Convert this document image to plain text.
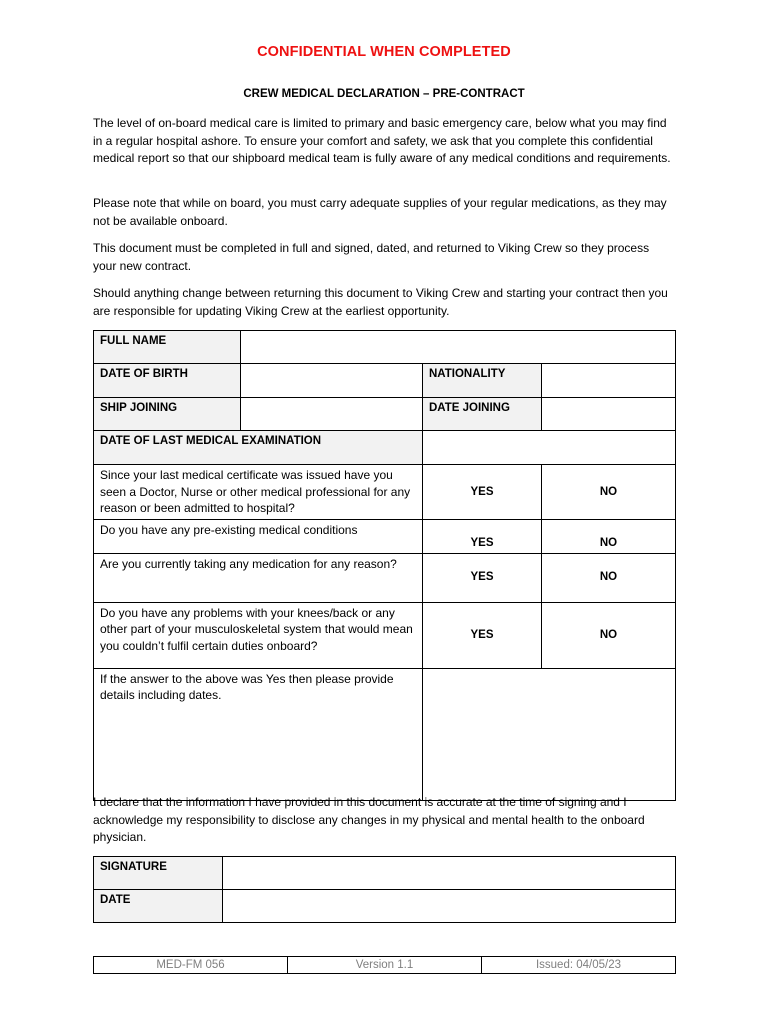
CONFIDENTIAL WHEN COMPLETED
CREW MEDICAL DECLARATION – PRE-CONTRACT

The level of on-board medical care is limited to primary and basic emergency care, below what you may find in a regular hospital ashore. To ensure your comfort and safety, we ask that you complete this confidential medical report so that our shipboard medical team is fully aware of any medical conditions and requirements.

Please note that while on board, you must carry adequate supplies of your regular medications, as they may not be available onboard.

This document must be completed in full and signed, dated, and returned to Viking Crew so they process your new contract.

Should anything change between returning this document to Viking Crew and starting your contract then you are responsible for updating Viking Crew at the earliest opportunity.

FULL NAME			
DATE OF BIRTH		NATIONALITY	
SHIP JOINING		DATE JOINING	
DATE OF LAST MEDICAL EXAMINATION			
Since your last medical certificate was issued have you seen a Doctor, Nurse or other medical professional for any reason or been admitted to hospital?		YES	NO
Do you have any pre-existing medical conditions		YES	NO
Are you currently taking any medication for any reason?		YES	NO
Do you have any problems with your knees/back or any other part of your musculoskeletal system that would mean you couldn’t fulfil certain duties onboard?		YES	NO
If the answer to the above was Yes then please provide details including dates.			

I declare that the information I have provided in this document is accurate at the time of signing and I acknowledge my responsibility to disclose any changes in my physical and mental health to the onboard physician.

SIGNATURE	
DATE	
MED-FM 056	Version 1.1	Issued: 04/05/23
